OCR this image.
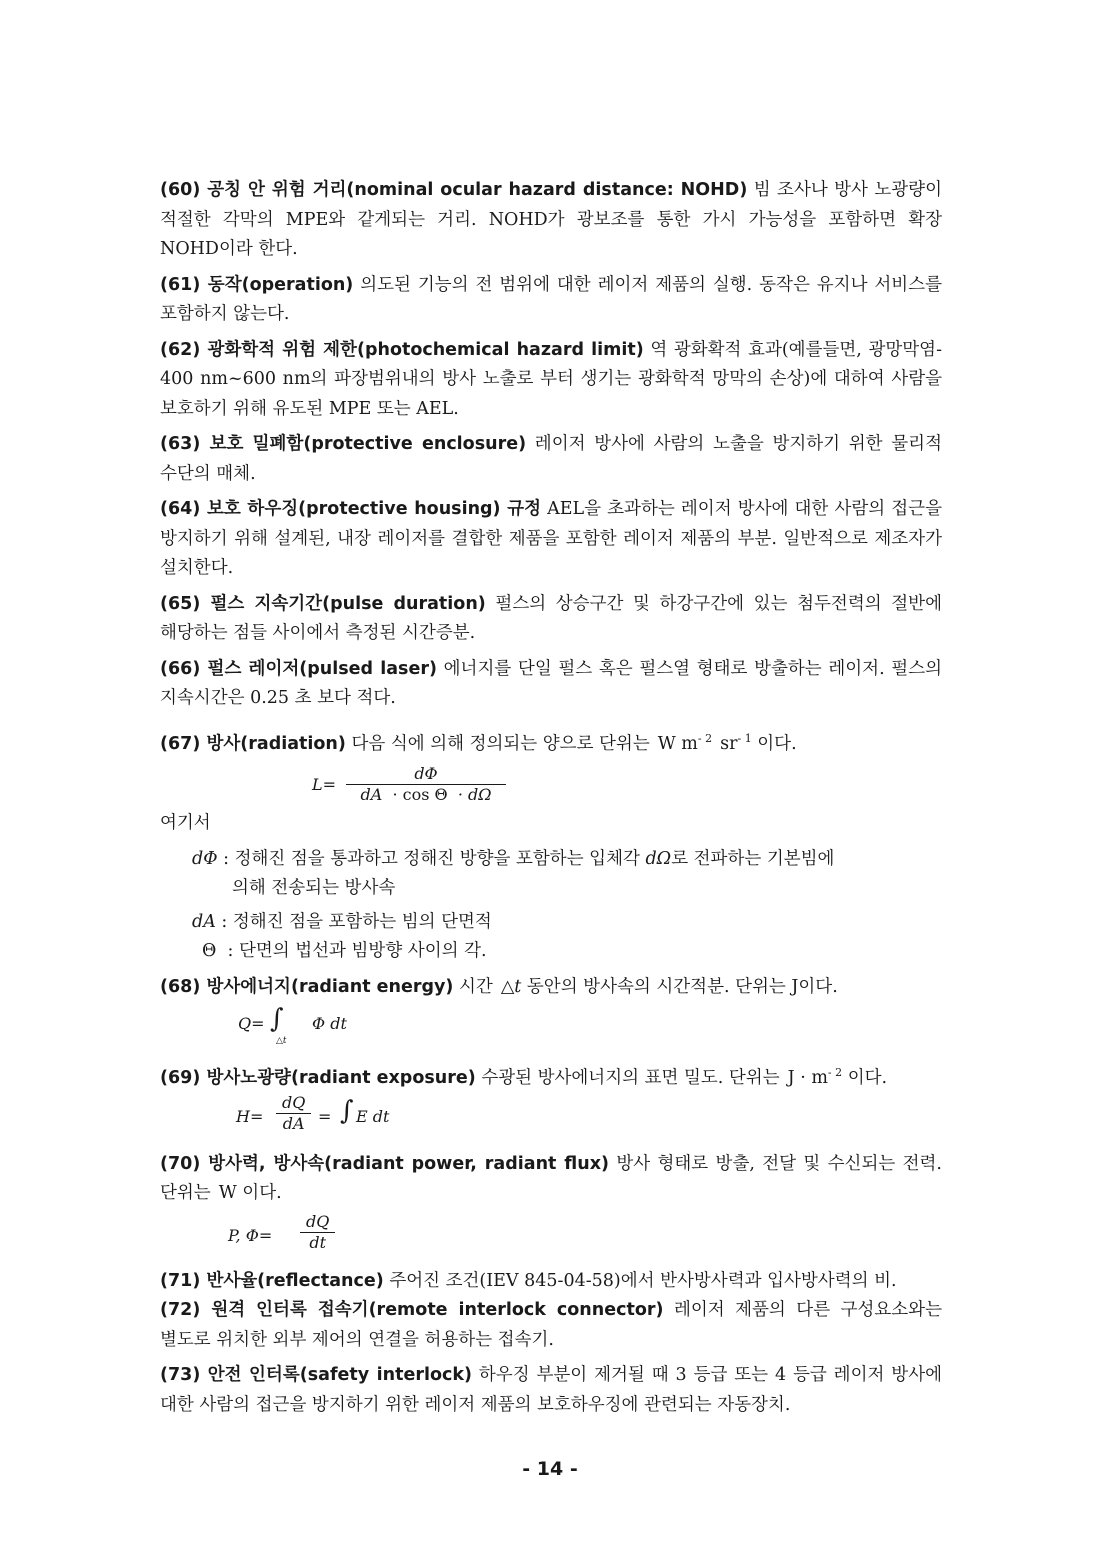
(60) 공칭 안 위험 거리(nominal ocular hazard distance: NOHD) 빔 조사나 방사 노광량이 적절한 각막의 MPE와 같게되는 거리. NOHD가 광보조를 통한 가시 가능성을 포함하면 확장 NOHD이라 한다.

(61) 동작(operation) 의도된 기능의 전 범위에 대한 레이저 제품의 실행. 동작은 유지나 서비스를 포함하지 않는다.

(62) 광화학적 위험 제한(photochemical hazard limit) 역 광화확적 효과(예를들면, 광망막염- 400 nm~600 nm의 파장범위내의 방사 노출로 부터 생기는 광화학적 망막의 손상)에 대하여 사람을 보호하기 위해 유도된 MPE 또는 AEL.

(63) 보호 밀폐함(protective enclosure) 레이저 방사에 사람의 노출을 방지하기 위한 물리적 수단의 매체.

(64) 보호 하우징(protective housing) 규정 AEL을 초과하는 레이저 방사에 대한 사람의 접근을 방지하기 위해 설계된, 내장 레이저를 결합한 제품을 포함한 레이저 제품의 부분. 일반적으로 제조자가 설치한다.

(65) 펄스 지속기간(pulse duration) 펄스의 상승구간 및 하강구간에 있는 첨두전력의 절반에 해당하는 점들 사이에서 측정된 시간증분.

(66) 펄스 레이저(pulsed laser) 에너지를 단일 펄스 혹은 펄스열 형태로 방출하는 레이저. 펄스의 지속시간은 0.25 초 보다 적다.

(67) 방사(radiation) 다음 식에 의해 정의되는 양으로 단위는 W $m^{- 2}$ $sr^{- 1}$ 이다.

$L= \frac{d\Phi}{\text{dA · cos Θ · dΩ}}$

여기서

dΦ : 정해진 점을 통과하고 정해진 방향을 포함하는 입체각 dΩ로 전파하는 기본빔에

의해 전송되는 방사속

dA : 정해진 점을 포함하는 빔의 단면적

Θ : 단면의 법선과 빔방향 사이의 각.

(68) 방사에너지(radiant energy) 시간 △t 동안의 방사속의 시간적분. 단위는 J이다.

Q= ∫
△t
Φ dt

(69) 방사노광량(radiant exposure) 수광된 방사에너지의 표면 밀도. 단위는 $J \cdot m^{- 2}$ 이다.

$H= \frac{dQ}{dA}$ = ∫ E dt

(70) 방사력, 방사속(radiant power, radiant flux) 방사 형태로 방출, 전달 및 수신되는 전력. 단위는 W 이다.

P, $\Phi= \frac{dQ}{dt}$

(71) 반사율(reflectance) 주어진 조건(IEV 845-04-58)에서 반사방사력과 입사방사력의 비.

(72) 원격 인터록 접속기(remote interlock connector) 레이저 제품의 다른 구성요소와는 별도로 위치한 외부 제어의 연결을 허용하는 접속기.

(73) 안전 인터록(safety interlock) 하우징 부분이 제거될 때 3 등급 또는 4 등급 레이저 방사에 대한 사람의 접근을 방지하기 위한 레이저 제품의 보호하우징에 관련되는 자동장치.

- 14 -
